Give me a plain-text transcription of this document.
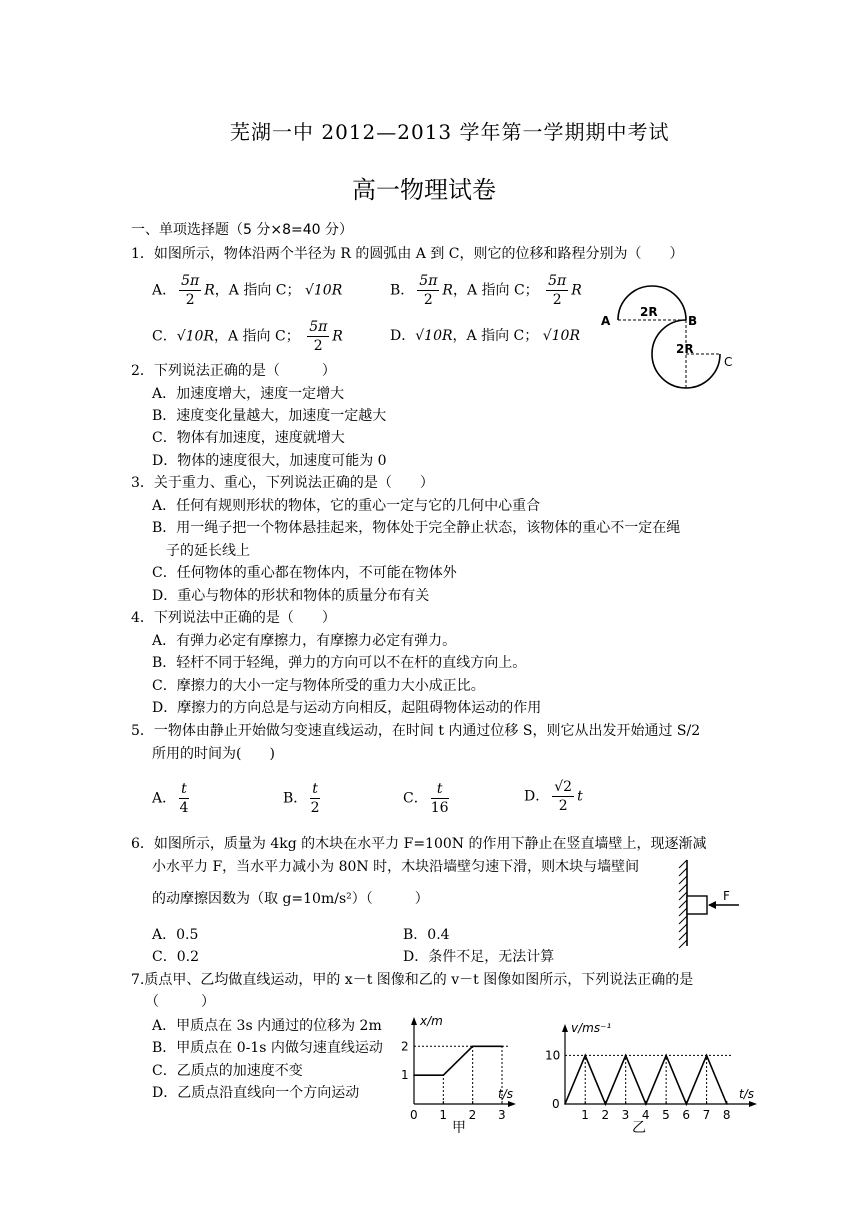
芜湖一中 2012—2013 学年第一学期期中考试
高一物理试卷
一、单项选择题（5 分×8=40 分）
1．如图所示，物体沿两个半径为 R 的圆弧由 A 到 C，则它的位移和路程分别为（　　）
A． $\frac{5\pi}{2}$ R，A 指向 C； √10R	B． $\frac{5\pi}{2}$ R，A 指向 C； $\frac{5\pi}{2}$ R
C．√10R，A 指向 C； $\frac{5\pi}{2}$ R	D．√10R，A 指向 C； √10R
A	B
C
2R
2R
2．下列说法正确的是（　　　）
A．加速度增大，速度一定增大
B．速度变化量越大，加速度一定越大
C．物体有加速度，速度就增大
D．物体的速度很大，加速度可能为 0
3．关于重力、重心，下列说法正确的是（　　）
A．任何有规则形状的物体，它的重心一定与它的几何中心重合
B．用一绳子把一个物体悬挂起来，物体处于完全静止状态，该物体的重心不一定在绳
子的延长线上
C．任何物体的重心都在物体内，不可能在物体外
D．重心与物体的形状和物体的质量分布有关
4．下列说法中正确的是（　　）
A．有弹力必定有摩擦力，有摩擦力必定有弹力。
B．轻杆不同于轻绳，弹力的方向可以不在杆的直线方向上。
C．摩擦力的大小一定与物体所受的重力大小成正比。
D．摩擦力的方向总是与运动方向相反，起阻碍物体运动的作用
5．一物体由静止开始做匀变速直线运动，在时间 t 内通过位移 S，则它从出发开始通过 S/2
所用的时间为(　　)
A． $\frac{t}{4}$	B． $\frac{t}{2}$	C． $\frac{t}{16}$	D． $\frac{√2}{2}$ t
6．如图所示，质量为 4kg 的木块在水平力 F=100N 的作用下静止在竖直墙壁上，现逐渐减
小水平力 F，当水平力减小为 80N 时，木块沿墙壁匀速下滑，则木块与墙壁间
的动摩擦因数为（取 g=10m/s²）（　　　）
A．0.5	B．0.4
C．0.2	D．条件不足，无法计算
F
7.质点甲、乙均做直线运动，甲的 x－t 图像和乙的 v－t 图像如图所示，下列说法正确的是
（　　　）
A．甲质点在 3s 内通过的位移为 2m
B．甲质点在 0-1s 内做匀速直线运动
C．乙质点的加速度不变
D．乙质点沿直线向一个方向运动	t/s
x/m
0 1 2 3
1
2
甲
t/s
v/ms⁻¹
1 2 3 4 5 6 7 8
0
10
乙
